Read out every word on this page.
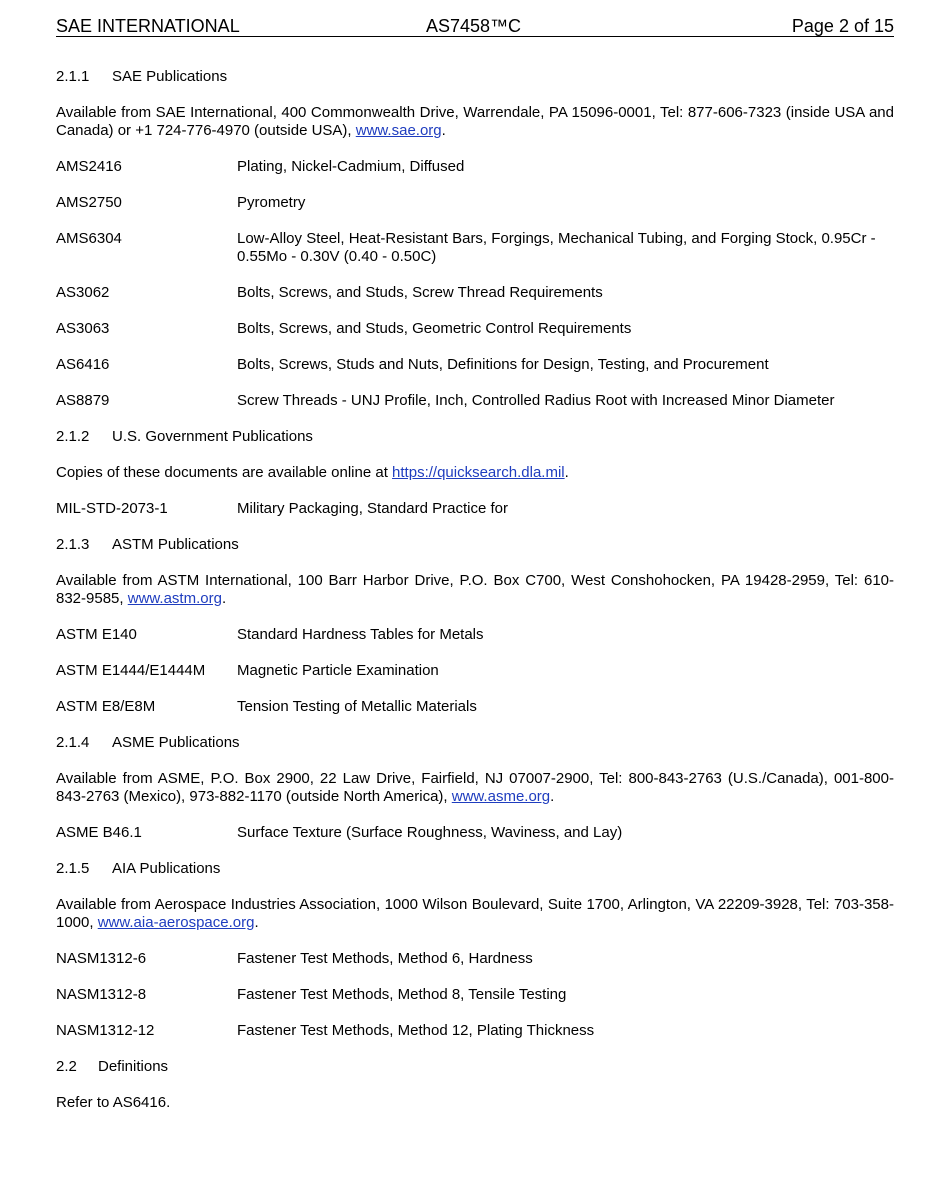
SAE INTERNATIONAL	AS7458™C	Page 2 of 15
2.1.1 SAE Publications
Available from SAE International, 400 Commonwealth Drive, Warrendale, PA 15096-0001, Tel: 877-606-7323 (inside USA and Canada) or +1 724-776-4970 (outside USA), www.sae.org.
AMS2416	Plating, Nickel-Cadmium, Diffused
AMS2750	Pyrometry
AMS6304	Low-Alloy Steel, Heat-Resistant Bars, Forgings, Mechanical Tubing, and Forging Stock, 0.95Cr - 0.55Mo - 0.30V (0.40 - 0.50C)
AS3062	Bolts, Screws, and Studs, Screw Thread Requirements
AS3063	Bolts, Screws, and Studs, Geometric Control Requirements
AS6416	Bolts, Screws, Studs and Nuts, Definitions for Design, Testing, and Procurement
AS8879	Screw Threads - UNJ Profile, Inch, Controlled Radius Root with Increased Minor Diameter
2.1.2 U.S. Government Publications
Copies of these documents are available online at https://quicksearch.dla.mil.
MIL-STD-2073-1	Military Packaging, Standard Practice for
2.1.3 ASTM Publications
Available from ASTM International, 100 Barr Harbor Drive, P.O. Box C700, West Conshohocken, PA 19428-2959, Tel: 610-832-9585, www.astm.org.
ASTM E140	Standard Hardness Tables for Metals
ASTM E1444/E1444M	Magnetic Particle Examination
ASTM E8/E8M	Tension Testing of Metallic Materials
2.1.4 ASME Publications
Available from ASME, P.O. Box 2900, 22 Law Drive, Fairfield, NJ 07007-2900, Tel: 800-843-2763 (U.S./Canada), 001-800-843-2763 (Mexico), 973-882-1170 (outside North America), www.asme.org.
ASME B46.1	Surface Texture (Surface Roughness, Waviness, and Lay)
2.1.5 AIA Publications
Available from Aerospace Industries Association, 1000 Wilson Boulevard, Suite 1700, Arlington, VA 22209-3928, Tel: 703-358-1000, www.aia-aerospace.org.
NASM1312-6	Fastener Test Methods, Method 6, Hardness
NASM1312-8	Fastener Test Methods, Method 8, Tensile Testing
NASM1312-12	Fastener Test Methods, Method 12, Plating Thickness
2.2 Definitions
Refer to AS6416.
